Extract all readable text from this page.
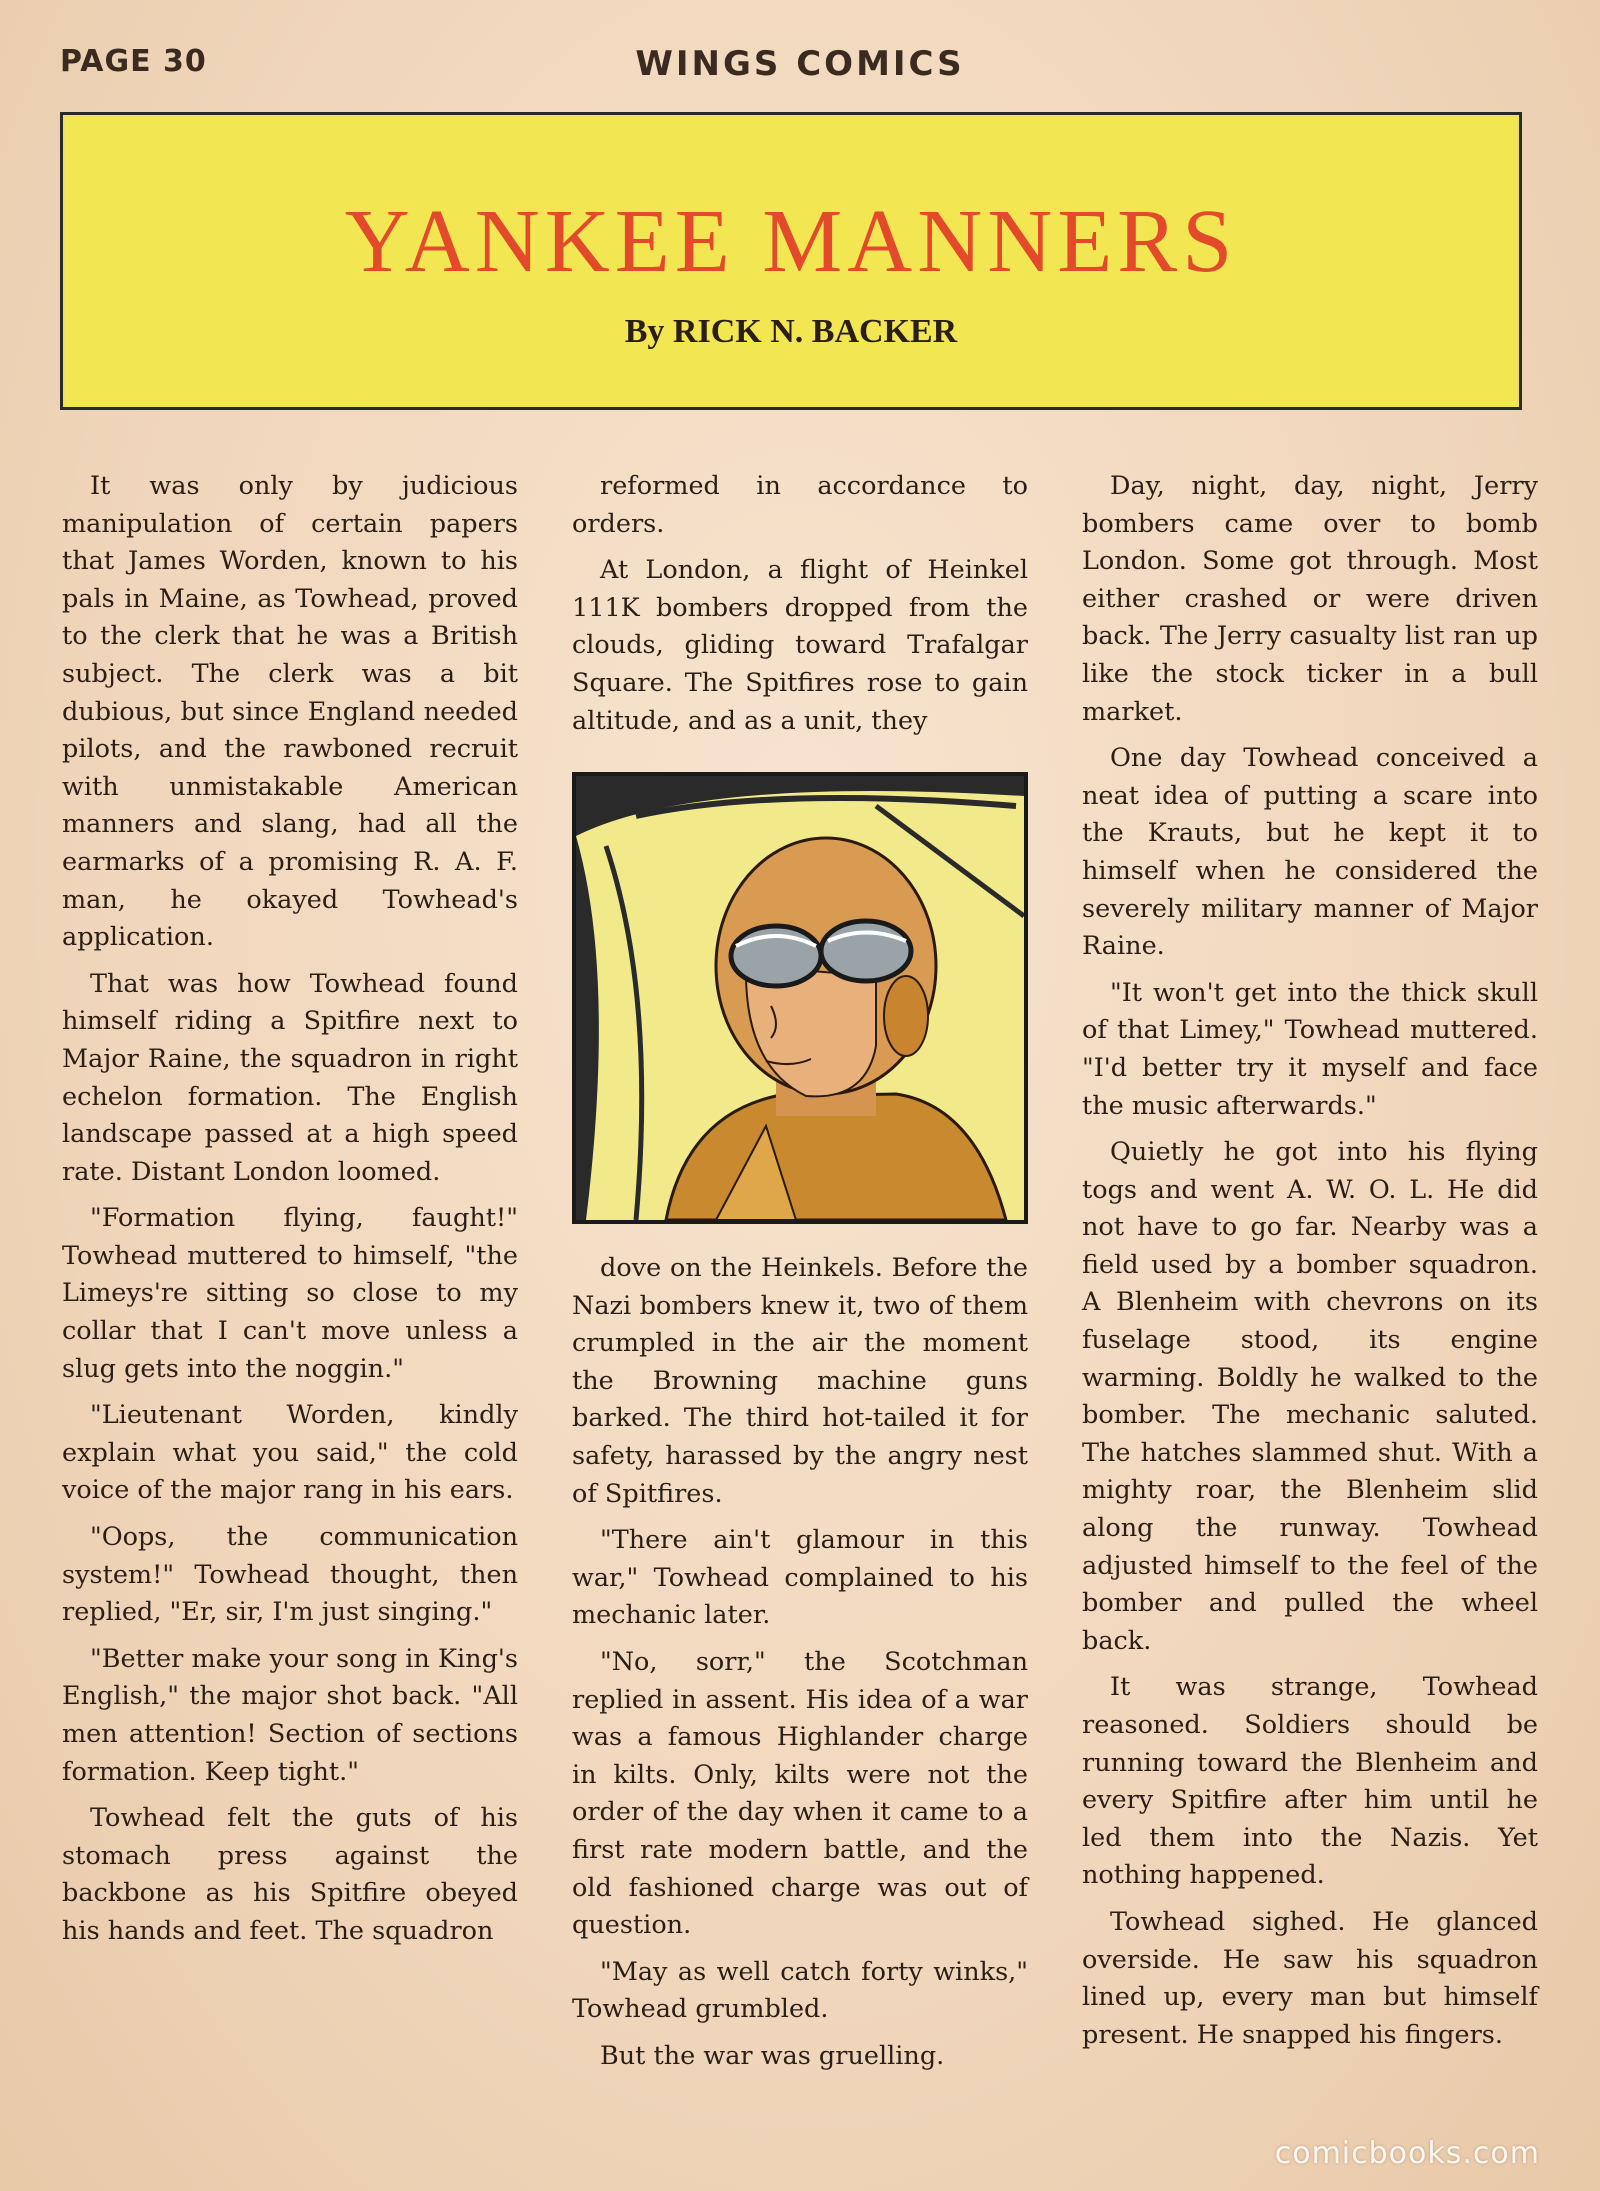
PAGE 30	WINGS COMICS
YANKEE MANNERS
By RICK N. BACKER

It was only by judicious manipulation of certain papers that James Worden, known to his pals in Maine, as Towhead, proved to the clerk that he was a British subject. The clerk was a bit dubious, but since England needed pilots, and the rawboned recruit with unmistakable American manners and slang, had all the earmarks of a promising R. A. F. man, he okayed Towhead's application.

That was how Towhead found himself riding a Spitfire next to Major Raine, the squadron in right echelon formation. The English landscape passed at a high speed rate. Distant London loomed.

"Formation flying, faught!" Towhead muttered to himself, "the Limeys're sitting so close to my collar that I can't move unless a slug gets into the noggin."

"Lieutenant Worden, kindly explain what you said," the cold voice of the major rang in his ears.

"Oops, the communication system!" Towhead thought, then replied, "Er, sir, I'm just singing."

"Better make your song in King's English," the major shot back. "All men attention! Section of sections formation. Keep tight."

Towhead felt the guts of his stomach press against the backbone as his Spitfire obeyed his hands and feet. The squadron

reformed in accordance to orders.

At London, a flight of Heinkel 111K bombers dropped from the clouds, gliding toward Trafalgar Square. The Spitfires rose to gain altitude, and as a unit, they

dove on the Heinkels. Before the Nazi bombers knew it, two of them crumpled in the air the moment the Browning machine guns barked. The third hot-tailed it for safety, harassed by the angry nest of Spitfires.

"There ain't glamour in this war," Towhead complained to his mechanic later.

"No, sorr," the Scotchman replied in assent. His idea of a war was a famous Highlander charge in kilts. Only, kilts were not the order of the day when it came to a first rate modern battle, and the old fashioned charge was out of question.

"May as well catch forty winks," Towhead grumbled.

But the war was gruelling.

Day, night, day, night, Jerry bombers came over to bomb London. Some got through. Most either crashed or were driven back. The Jerry casualty list ran up like the stock ticker in a bull market.

One day Towhead conceived a neat idea of putting a scare into the Krauts, but he kept it to himself when he considered the severely military manner of Major Raine.

"It won't get into the thick skull of that Limey," Towhead muttered. "I'd better try it myself and face the music afterwards."

Quietly he got into his flying togs and went A. W. O. L. He did not have to go far. Nearby was a field used by a bomber squadron. A Blenheim with chevrons on its fuselage stood, its engine warming. Boldly he walked to the bomber. The mechanic saluted. The hatches slammed shut. With a mighty roar, the Blenheim slid along the runway. Towhead adjusted himself to the feel of the bomber and pulled the wheel back.

It was strange, Towhead reasoned. Soldiers should be running toward the Blenheim and every Spitfire after him until he led them into the Nazis. Yet nothing happened.

Towhead sighed. He glanced overside. He saw his squadron lined up, every man but himself present. He snapped his fingers.

comicbooks.com
